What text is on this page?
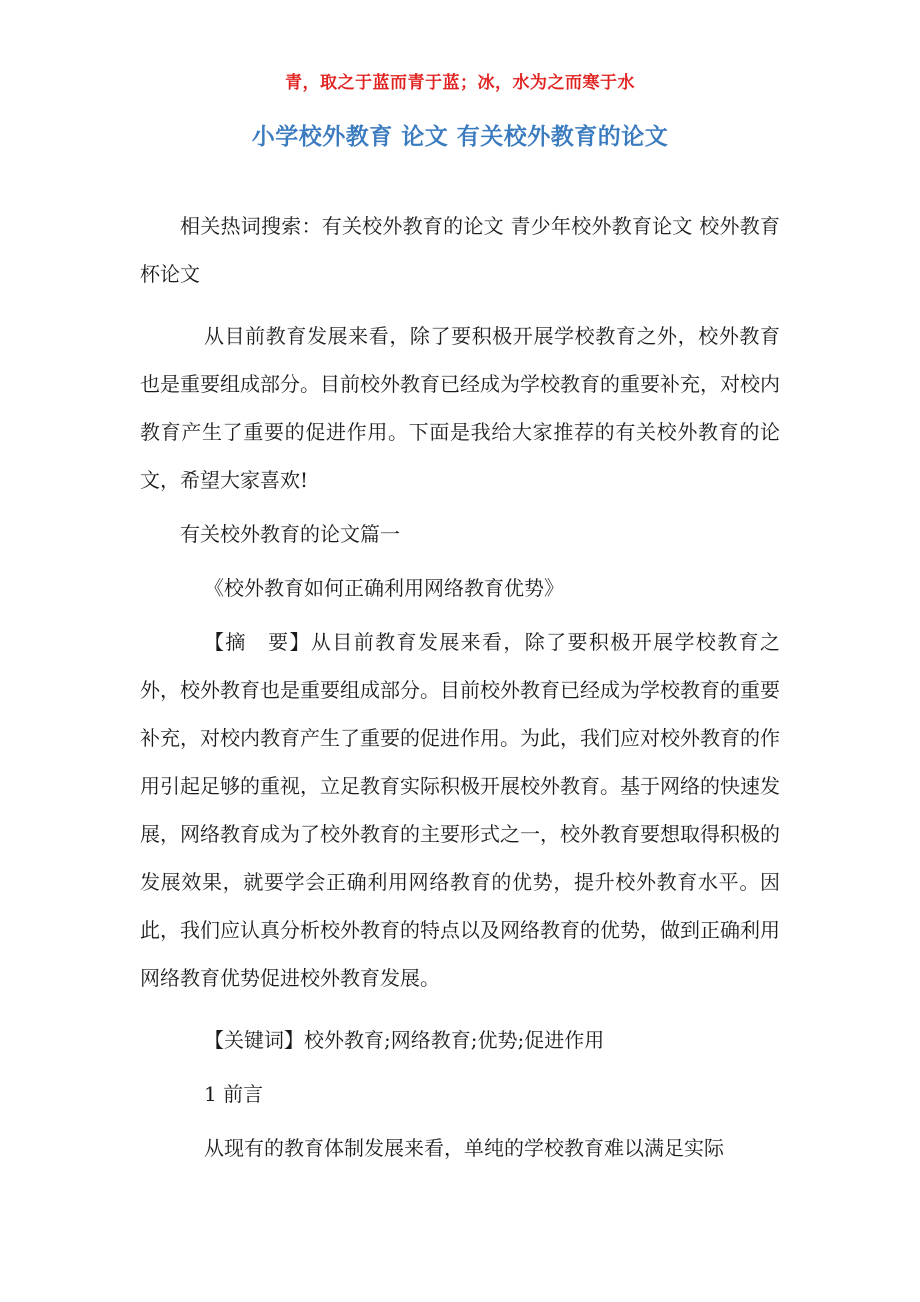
青，取之于蓝而青于蓝；冰，水为之而寒于水
小学校外教育 论文 有关校外教育的论文

相关热词搜索：有关校外教育的论文 青少年校外教育论文 校外教育杯论文

从目前教育发展来看，除了要积极开展学校教育之外，校外教育也是重要组成部分。目前校外教育已经成为学校教育的重要补充，对校内教育产生了重要的促进作用。下面是我给大家推荐的有关校外教育的论文，希望大家喜欢!

有关校外教育的论文篇一

《校外教育如何正确利用网络教育优势》

【摘　要】从目前教育发展来看，除了要积极开展学校教育之外，校外教育也是重要组成部分。目前校外教育已经成为学校教育的重要补充，对校内教育产生了重要的促进作用。为此，我们应对校外教育的作用引起足够的重视，立足教育实际积极开展校外教育。基于网络的快速发展，网络教育成为了校外教育的主要形式之一，校外教育要想取得积极的发展效果，就要学会正确利用网络教育的优势，提升校外教育水平。因此，我们应认真分析校外教育的特点以及网络教育的优势，做到正确利用网络教育优势促进校外教育发展。

【关键词】校外教育;网络教育;优势;促进作用

1 前言

从现有的教育体制发展来看，单纯的学校教育难以满足实际
